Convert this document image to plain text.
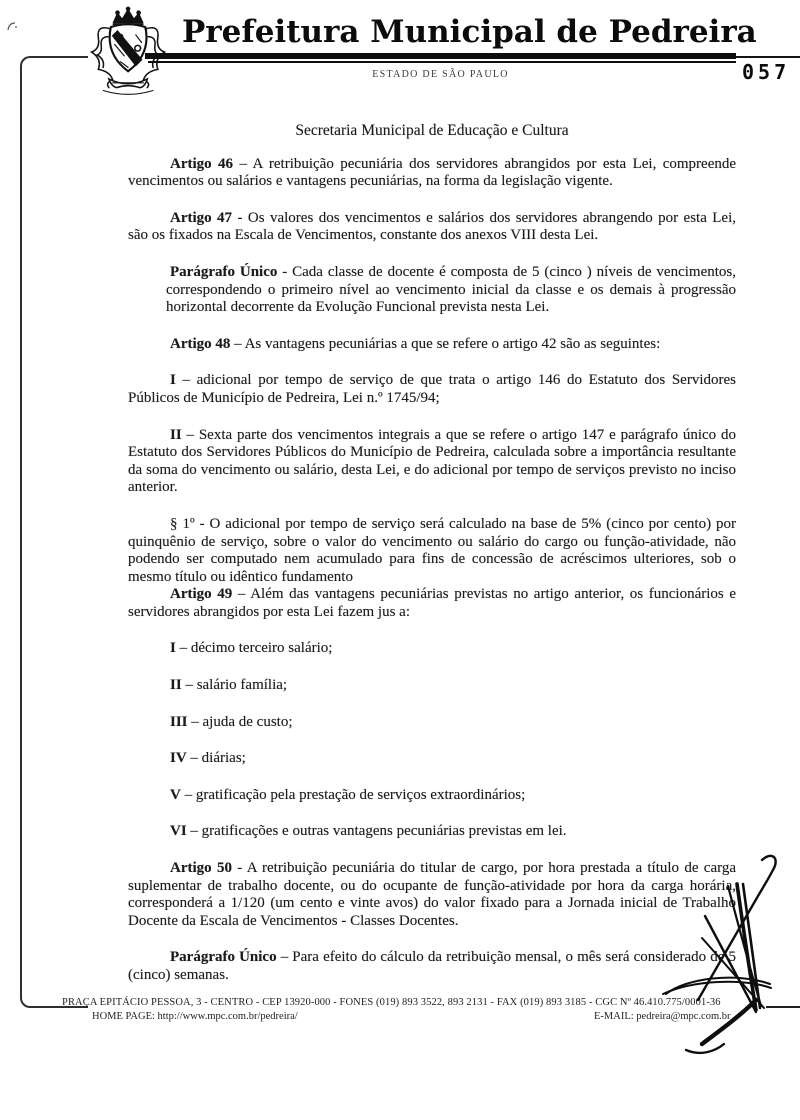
Prefeitura Municipal de Pedreira
ESTADO DE SÃO PAULO	057
Secretaria Municipal de Educação e Cultura

Artigo 46 – A retribuição pecuniária dos servidores abrangidos por esta Lei, compreende vencimentos ou salários e vantagens pecuniárias, na forma da legislação vigente.

Artigo 47 - Os valores dos vencimentos e salários dos servidores abrangendo por esta Lei, são os fixados na Escala de Vencimentos, constante dos anexos VIII desta Lei.

Parágrafo Único - Cada classe de docente é composta de 5 (cinco ) níveis de vencimentos, correspondendo o primeiro nível ao vencimento inicial da classe e os demais à progressão horizontal decorrente da Evolução Funcional prevista nesta Lei.

Artigo 48 – As vantagens pecuniárias a que se refere o artigo 42 são as seguintes:

I – adicional por tempo de serviço de que trata o artigo 146 do Estatuto dos Servidores Públicos de Município de Pedreira, Lei n.º 1745/94;

II – Sexta parte dos vencimentos integrais a que se refere o artigo 147 e parágrafo único do Estatuto dos Servidores Públicos do Município de Pedreira, calculada sobre a importância resultante da soma do vencimento ou salário, desta Lei, e do adicional por tempo de serviços previsto no inciso anterior.

§ 1º - O adicional por tempo de serviço será calculado na base de 5% (cinco por cento) por quinquênio de serviço, sobre o valor do vencimento ou salário do cargo ou função-atividade, não podendo ser computado nem acumulado para fins de concessão de acréscimos ulteriores, sob o mesmo título ou idêntico fundamento

Artigo 49 – Além das vantagens pecuniárias previstas no artigo anterior, os funcionários e servidores abrangidos por esta Lei fazem jus a:

I – décimo terceiro salário;

II – salário família;

III – ajuda de custo;

IV – diárias;

V – gratificação pela prestação de serviços extraordinários;

VI – gratificações e outras vantagens pecuniárias previstas em lei.

Artigo 50 - A retribuição pecuniária do titular de cargo, por hora prestada a título de carga suplementar de trabalho docente, ou do ocupante de função-atividade por hora da carga horária, corresponderá a 1/120 (um cento e vinte avos) do valor fixado para a Jornada inicial de Trabalho Docente da Escala de Vencimentos - Classes Docentes.

Parágrafo Único – Para efeito do cálculo da retribuição mensal, o mês será considerado de 5 (cinco) semanas.

PRAÇA EPITÁCIO PESSOA, 3 - CENTRO - CEP 13920-000 - FONES (019) 893 3522, 893 2131 - FAX (019) 893 3185 - CGC Nº 46.410.775/0001-36
HOME PAGE: http://www.mpc.com.br/pedreira/	E-MAIL: pedreira@mpc.com.br
